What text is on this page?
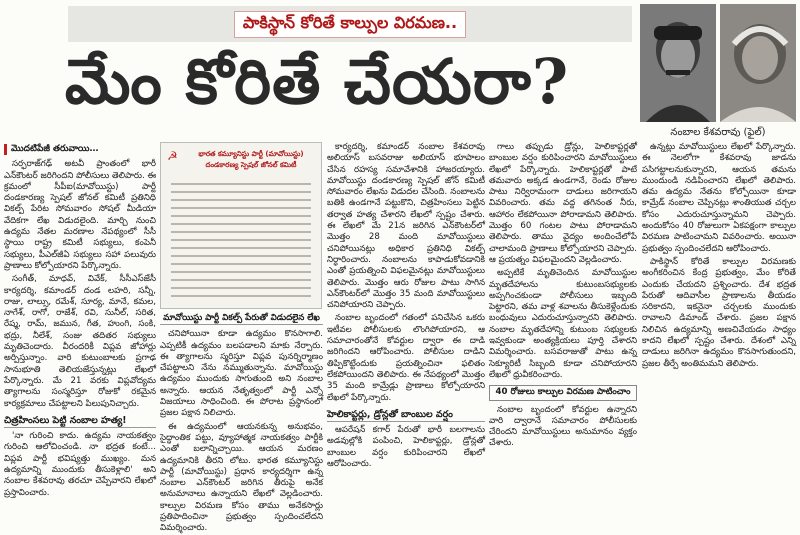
పాకిస్థాన్ కోరితే కాల్పుల విరమణ..
మేం కోరితే చేయరా?
నంబాల కేశవరావు (ఫైల్)

మొదటిపేజీ తరువాయి…

సర్ఫరాజ్‌గఢ్ అటవీ ప్రాంతంలో భారీ ఎన్‌కౌంటర్ జరిగిందని పోలీసులు తెలిపారు. ఈ క్రమంలో సీపీఐ(మావోయిస్టు) పార్టీ దండకారణ్య స్పెషల్ జోనల్ కమిటీ ప్రతినిధి వికల్ప్ పేరిట సోమవారం సోషల్ మీడియా వేదికగా లేఖ విడుదలైంది. మార్చి నుంచి ఉద్యమ నేతల మరణాల నేపథ్యంలో సీసీ స్థాయి రాష్ట్ర కమిటీ సభ్యులు, కంపెనీ సభ్యులు, పీఎల్‌జీఏ సభ్యులు సహా పలువురు ప్రాణాలు కోల్పోయారని పేర్కొన్నారు.

సంగీత్, మాధవ్, వివేక్, సీసీఎస్‌జేసీ కార్యదర్శి, కమాండర్ దండ లహరి, సన్నీ, రాజు, లాల్సు, రమేశ్, సూర్య, మానే, కమల, నాగేశ్, రాగో, రాజేశ్, రవి, సునీల్, సరిత, రేష్మ, రామ్, జమున, గీత, హుంగి, సంకి, భద్రు, నీలేశ్, సంజు తదితర సభ్యులు మృతిచెందారు. వీరందరికీ విప్లవ జోహార్లు అర్పిస్తున్నాం. వారి కుటుంబాలకు ప్రగాఢ సానుభూతి తెలియజేస్తున్నట్లు లేఖలో పేర్కొన్నారు. మే 21 వరకు విప్లవోద్యమ త్యాగాలను సంస్మరిస్తూ రోజుకో రకమైన కార్యక్రమాలు చేపట్టాలని పిలుపునిచ్చారు.

చిత్రహింసలు పెట్టి నంబాల హత్య!

'నా గురించి కాదు. ఉద్యమ నాయకత్వం గురించి ఆలోచించండి. నా భద్రత కంటే... విప్లవ పార్టీ భవిష్యత్తు ముఖ్యం. మన ఉద్యమాన్ని ముందుకు తీసుకెళ్లాలి' అని నంబాల కేశవరావు తరచూ చెప్పేవారని లేఖలో ప్రస్తావించారు.

☭	భారత కమ్యూనిస్టు పార్టీ (మావోయిస్టు)
దండకారణ్య స్పెషల్ జోనల్ కమిటీ

మావోయిస్టు పార్టీ వికల్ప్ పేరుతో విడుదలైన లేఖ

చనిపోయినా కూడా ఉద్యమం కొనసాగాలి. ఎప్పటికీ ఉద్యమం బలపడాలని మాకు నేర్పారు. ఈ త్యాగాలను స్మరిస్తూ విప్లవ పునర్నిర్మాణం చేపట్టాలని నేను నమ్ముతున్నాను. మావోయిస్టు ఉద్యమం ముందుకు సాగుతుంది అని నంబాల అన్నారు. ఆయన నేతృత్వంలో పార్టీ ఎన్నో విజయాలు సాధించింది. ఈ పోరాట ప్రస్థానంలో ప్రజల పక్షాన నిలిచారు.

ఈ ఉద్యమంలో ఆయనకున్న అనుభవం, సైద్ధాంతిక పట్టు, వ్యూహాత్మక నాయకత్వం పార్టీకి ఎంతో బలాన్నిచ్చాయి. ఆయన మరణం ఉద్యమానికి తీరని లోటు. భారత కమ్యూనిస్టు పార్టీ (మావోయిస్టు) ప్రధాన కార్యదర్శిగా ఉన్న నంబాల ఎన్‌కౌంటర్ జరిగిన తీరుపై అనేక అనుమానాలు ఉన్నాయని లేఖలో వెల్లడించారు. కాల్పుల విరమణ కోసం తాము అనేకసార్లు ప్రతిపాదించినా ప్రభుత్వం స్పందించలేదని విమర్శించారు.

కార్యదర్శి, కమాండర్ నంబాల కేశవరావు అలియాస్ బసవరాజు అలియాస్ భూపాలం చేసిన రహస్య సమావేశానికి హాజరయ్యారు. మావోయిస్టు దండకారణ్య స్పెషల్ జోన్ కమిటీ సోమవారం లేఖను విడుదల చేసింది. నంబాలను బతికి ఉండగానే పట్టుకొని, చిత్రహింసలు పెట్టిన తర్వాత హత్య చేశారని లేఖలో స్పష్టం చేశారు. ఈ లేఖలో మే 21న జరిగిన ఎన్‌కౌంటర్‌లో మొత్తం 28 మంది మావోయిస్టులు చనిపోయినట్లు అధికార ప్రతినిధి వికల్ప్ నిర్ధారించారు. నంబాలను కాపాడుకోవడానికి ఎంతో ప్రయత్నించి విఫలమైనట్లు మావోయిస్టులు తెలిపారు. మొత్తం ఆరు రోజుల పాటు సాగిన ఎన్‌కౌంటర్‌లో మొత్తం 35 మంది మావోయిస్టులు చనిపోయారని చెప్పారు.

నంబాల బృందంలో గతంలో పనిచేసిన ఒకరు ఇటీవల పోలీసులకు లొంగిపోయారని, ఆ సమాచారంతోనే కోవర్టుల ద్వారా ఈ దాడి జరిగిందని ఆరోపించారు. పోలీసుల దాడిని తిప్పికొట్టేందుకు ప్రయత్నించినా ఫలితం లేకపోయిందని తెలిపారు. ఈ నేపథ్యంలో మొత్తం 35 మంది కామ్రేడ్లు ప్రాణాలు కోల్పోయారని లేఖలో పేర్కొన్నారు.

హెలికాప్టర్లు, డ్రోన్లతో బాంబుల వర్షం

ఆపరేషన్ కగార్ పేరుతో భారీ బలగాలను అడవుల్లోకి పంపించి, హెలికాప్టర్లు, డ్రోన్లతో బాంబుల వర్షం కురిపించారని లేఖలో ఆరోపించారు.

గాలు తప్పుడు డ్రోన్లు, హెలికాప్టర్లతో బాంబుల వర్షం కురిపించారని మావోయిస్టులు లేఖలో పేర్కొన్నారు. హెలికాప్టర్లతో పాటే తమవారు అక్కడ ఉండగానే, రెండు రోజుల పాటు నిర్విరామంగా దాడులు జరిగాయని వివరించారు. తమ వద్ద తగినంత నీరు, ఆహారం లేకపోయినా పోరాడామని తెలిపారు. మొత్తం 60 గంటల పాటు పోరాడామని తెలిపారు. తాము వైద్యం అందించేలోపే చాలామంది ప్రాణాలు కోల్పోయారని చెప్పారు. ఆ ప్రయత్నం విఫలమైందని వెల్లడించారు.

అప్పటికే మృతిచెందిన మావోయిస్టుల మృతదేహాలను కుటుంబసభ్యులకు అప్పగించకుండా పోలీసులు ఇబ్బంది పెట్టారని, తమ వాళ్ల శవాలను తీసుకెళ్లేందుకు బంధువులు ఎదురుచూస్తున్నారని తెలిపారు. నంబాల మృతదేహాన్ని కుటుంబ సభ్యులకు ఇవ్వకుండా అంత్యక్రియలు పూర్తి చేశారని విమర్శించారు. బసవరాజుతో పాటు ఉన్న సెక్యూరిటీ సిబ్బంది కూడా చనిపోయారని లేఖలో ధ్రువీకరించారు.

40 రోజులు కాల్పుల విరమణ పాటించాం

నంబాల బృందంలో కోవర్టుల ఉన్నారని వారి ద్వారానే సమాచారం పోలీసులకు చేరిందని మావోయిస్టులు అనుమానం వ్యక్తం చేశారు.

ఉన్నట్లు మావోయిస్టులు లేఖలో పేర్కొన్నారు. ఈ నెలలోగా కేశవరావు జాడను పసిగట్టాలనుకున్నారని, ఆయన తమను ముందుండి నడిపించారని లేఖలో తెలిపారు. తమ ఉద్యమ నేతను కోల్పోయినా కూడా కామ్రేడ్ నంబాల చెప్పినట్లు శాంతియుత చర్చల కోసం ఎదురుచూస్తున్నామని చెప్పారు. అందుకోసం 40 రోజులుగా ఏకపక్షంగా కాల్పుల విరమణ పాటించామని వివరించారు. అయినా ప్రభుత్వం స్పందించలేదని ఆరోపించారు.

పాకిస్థాన్ కోరితే కాల్పుల విరమణకు అంగీకరించిన కేంద్ర ప్రభుత్వం, మేం కోరితే ఎందుకు చేయదని ప్రశ్నించారు. దేశ భద్రత పేరుతో ఆదివాసీల ప్రాణాలను తీయడం సరికాదని, ఇకనైనా చర్చలకు ముందుకు రావాలని డిమాండ్ చేశారు. ప్రజల పక్షాన నిలిచిన ఉద్యమాన్ని అణచివేయడం సాధ్యం కాదని లేఖలో స్పష్టం చేశారు. దేశంలో ఎన్ని దాడులు జరిగినా ఉద్యమం కొనసాగుతుందని, ప్రజల తీర్పే అంతిమమని తెలిపారు.
